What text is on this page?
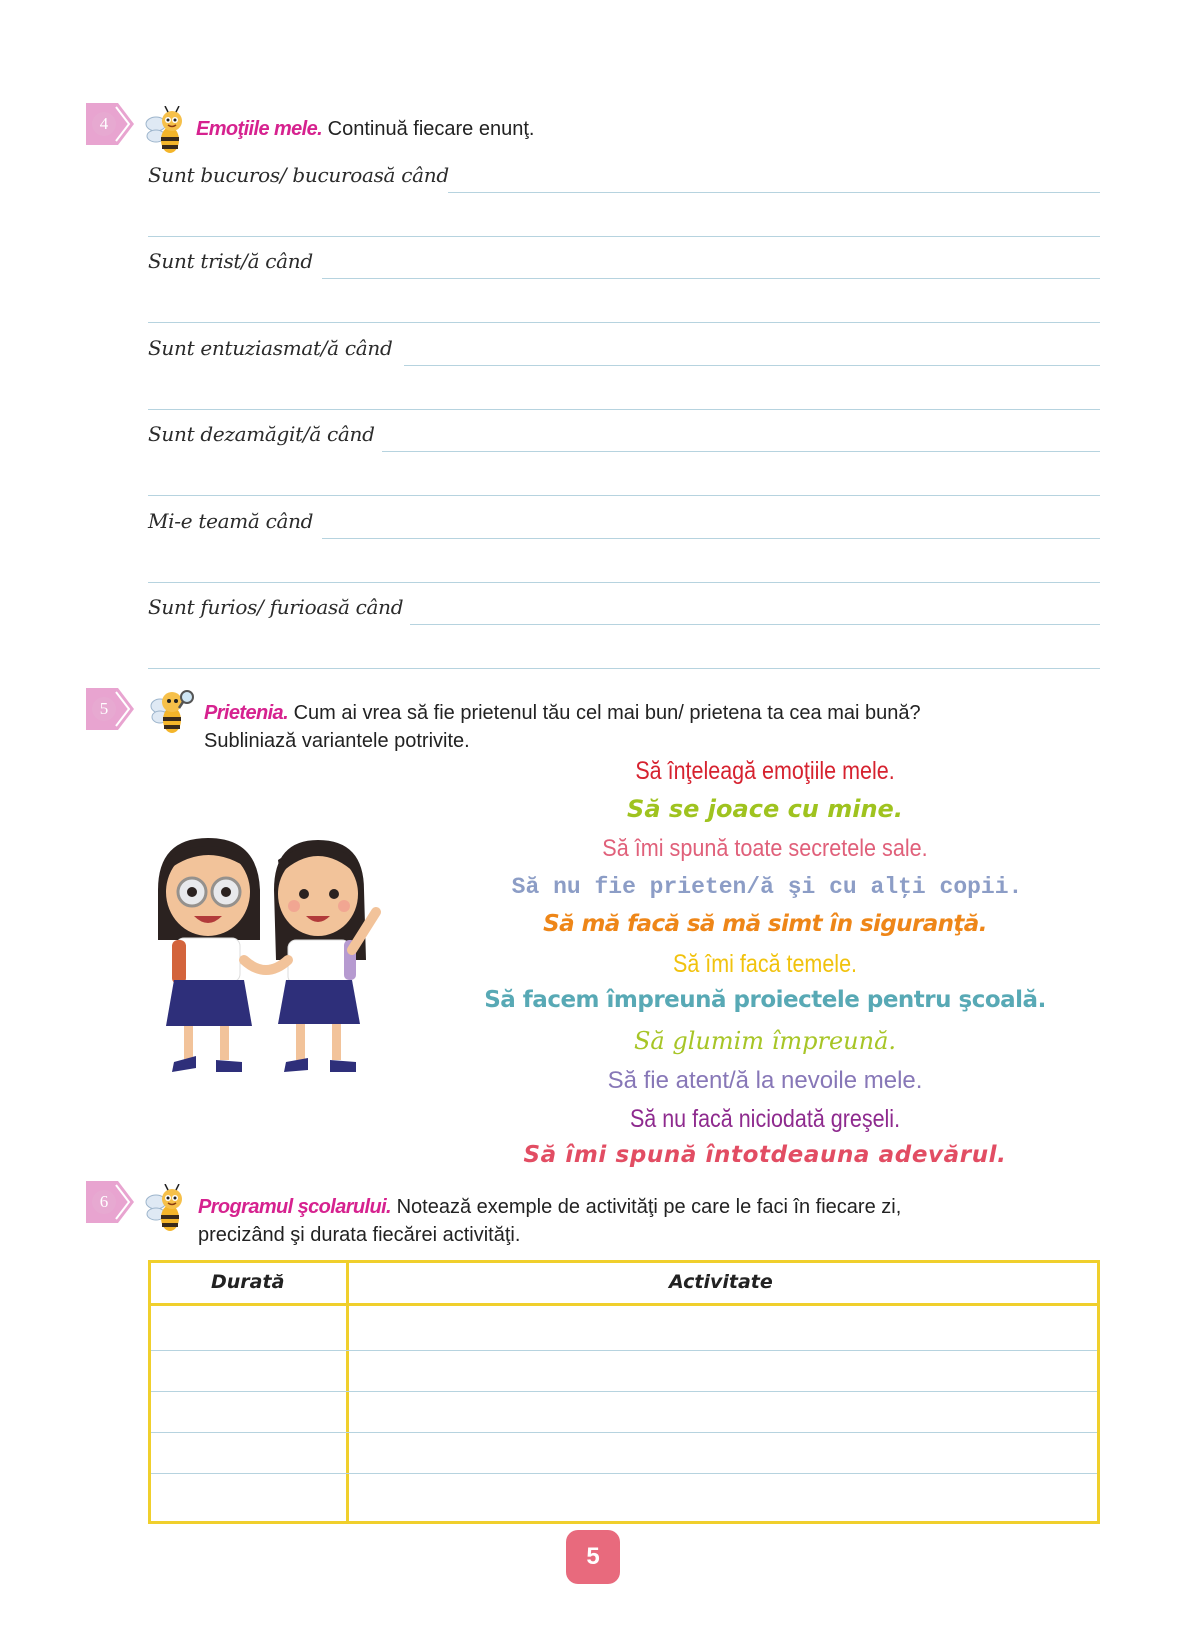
4	Emoţiile mele. Continuă fiecare enunţ.
Sunt bucuros/ bucuroasă când
Sunt trist/ă când
Sunt entuziasmat/ă când
Sunt dezamăgit/ă când
Mi-e teamă când
Sunt furios/ furioasă când
5	Prietenia. Cum ai vrea să fie prietenul tău cel mai bun/ prietena ta cea mai bună?
Subliniază variantele potrivite.
Să înţeleagă emoţiile mele.
Să se joace cu mine.
Să îmi spună toate secretele sale.
Să nu fie prieten/ă şi cu alţi copii.
Să mă facă să mă simt în siguranţă.
Să îmi facă temele.
Să facem împreună proiectele pentru şcoală.
Să glumim împreună.
Să fie atent/ă la nevoile mele.
Să nu facă niciodată greşeli.
Să îmi spună întotdeauna adevărul.
6	Programul şcolarului. Notează exemple de activităţi pe care le faci în fiecare zi,
precizând şi durata fiecărei activităţi.
Durată	Activitate
5
